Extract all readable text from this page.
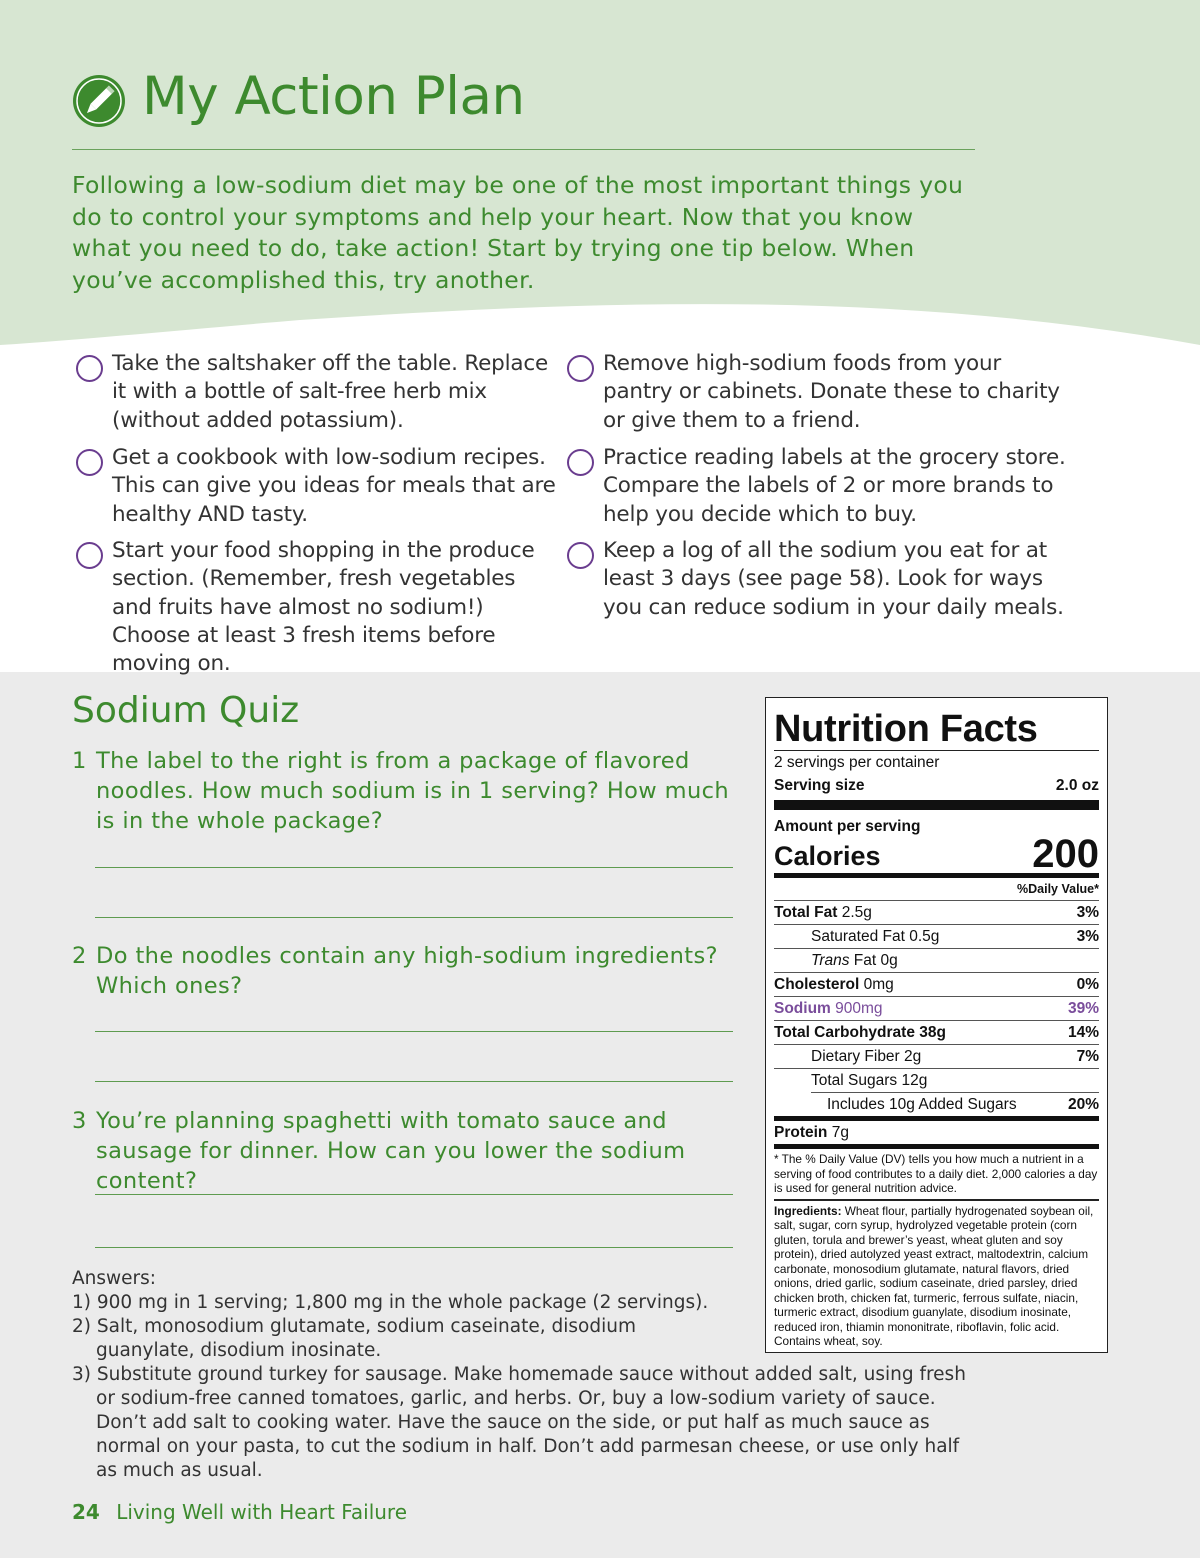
My Action Plan

Following a low-sodium diet may be one of the most important things you do to control your symptoms and help your heart. Now that you know what you need to do, take action! Start by trying one tip below. When you’ve accomplished this, try another.

Take the saltshaker off the table. Replace it with a bottle of salt-free herb mix (without added potassium).
Get a cookbook with low-sodium recipes. This can give you ideas for meals that are healthy AND tasty.
Start your food shopping in the produce section. (Remember, fresh vegetables and fruits have almost no sodium!) Choose at least 3 fresh items before moving on.
Remove high-sodium foods from your pantry or cabinets. Donate these to charity or give them to a friend.
Practice reading labels at the grocery store. Compare the labels of 2 or more brands to help you decide which to buy.
Keep a log of all the sodium you eat for at least 3 days (see page 58). Look for ways you can reduce sodium in your daily meals.
Sodium Quiz
1 The label to the right is from a package of flavored noodles. How much sodium is in 1 serving? How much is in the whole package?
2 Do the noodles contain any high-sodium ingredients? Which ones?
3 You’re planning spaghetti with tomato sauce and sausage for dinner. How can you lower the sodium content?
Answers:
1) 900 mg in 1 serving; 1,800 mg in the whole package (2 servings).
2) Salt, monosodium glutamate, sodium caseinate, disodium guanylate, disodium inosinate.
3) Substitute ground turkey for sausage. Make homemade sauce without added salt, using fresh or sodium-free canned tomatoes, garlic, and herbs. Or, buy a low-sodium variety of sauce. Don’t add salt to cooking water. Have the sauce on the side, or put half as much sauce as normal on your pasta, to cut the sodium in half. Don’t add parmesan cheese, or use only half as much as usual.
24 Living Well with Heart Failure
Nutrition Facts
2 servings per container
Serving size	2.0 oz
Amount per serving
Calories	200
%Daily Value*
Total Fat 2.5g	3%
Saturated Fat 0.5g	3%
Trans Fat 0g
Cholesterol 0mg	0%
Sodium 900mg	39%
Total Carbohydrate 38g	14%
Dietary Fiber 2g	7%
Total Sugars 12g
Includes 10g Added Sugars	20%
Protein 7g
* The % Daily Value (DV) tells you how much a nutrient in a serving of food contributes to a daily diet. 2,000 calories a day is used for general nutrition advice.
Ingredients: Wheat flour, partially hydrogenated soybean oil, salt, sugar, corn syrup, hydrolyzed vegetable protein (corn gluten, torula and brewer’s yeast, wheat gluten and soy protein), dried autolyzed yeast extract, maltodextrin, calcium carbonate, monosodium glutamate, natural flavors, dried onions, dried garlic, sodium caseinate, dried parsley, dried chicken broth, chicken fat, turmeric, ferrous sulfate, niacin, turmeric extract, disodium guanylate, disodium inosinate, reduced iron, thiamin mononitrate, riboflavin, folic acid. Contains wheat, soy.
